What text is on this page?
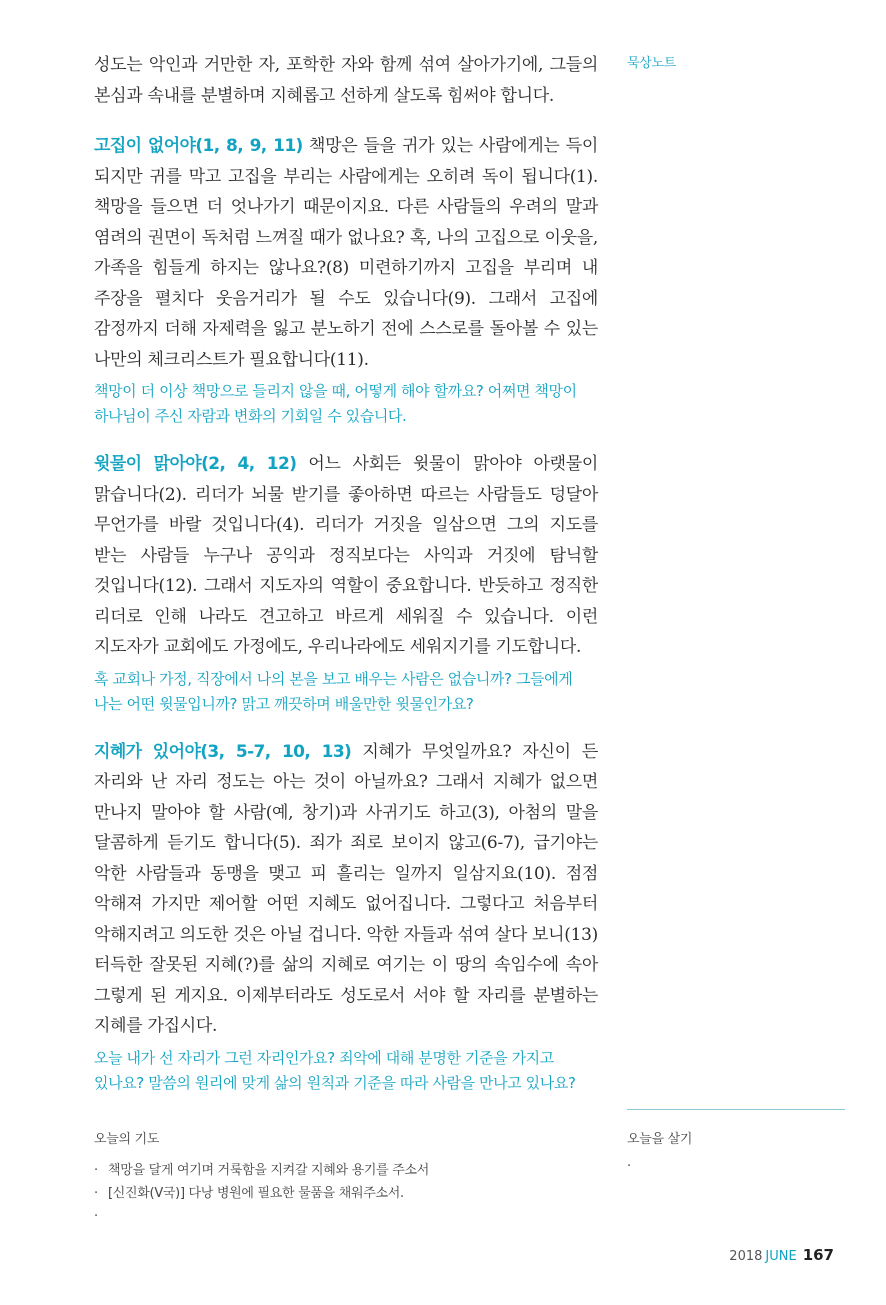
묵상노트

성도는 악인과 거만한 자, 포학한 자와 함께 섞여 살아가기에, 그들의 본심과 속내를 분별하며 지혜롭고 선하게 살도록 힘써야 합니다.

고집이 없어야(1, 8, 9, 11) 책망은 들을 귀가 있는 사람에게는 득이 되지만 귀를 막고 고집을 부리는 사람에게는 오히려 독이 됩니다(1). 책망을 들으면 더 엇나가기 때문이지요. 다른 사람들의 우려의 말과 염려의 권면이 독처럼 느껴질 때가 없나요? 혹, 나의 고집으로 이웃을, 가족을 힘들게 하지는 않나요?(8) 미련하기까지 고집을 부리며 내 주장을 펼치다 웃음거리가 될 수도 있습니다(9). 그래서 고집에 감정까지 더해 자제력을 잃고 분노하기 전에 스스로를 돌아볼 수 있는 나만의 체크리스트가 필요합니다(11).

책망이 더 이상 책망으로 들리지 않을 때, 어떻게 해야 할까요? 어쩌면 책망이 하나님이 주신 자람과 변화의 기회일 수 있습니다.

윗물이 맑아야(2, 4, 12) 어느 사회든 윗물이 맑아야 아랫물이 맑습니다(2). 리더가 뇌물 받기를 좋아하면 따르는 사람들도 덩달아 무언가를 바랄 것입니다(4). 리더가 거짓을 일삼으면 그의 지도를 받는 사람들 누구나 공익과 정직보다는 사익과 거짓에 탐닉할 것입니다(12). 그래서 지도자의 역할이 중요합니다. 반듯하고 정직한 리더로 인해 나라도 견고하고 바르게 세워질 수 있습니다. 이런 지도자가 교회에도 가정에도, 우리나라에도 세워지기를 기도합니다.

혹 교회나 가정, 직장에서 나의 본을 보고 배우는 사람은 없습니까? 그들에게 나는 어떤 윗물입니까? 맑고 깨끗하며 배울만한 윗물인가요?

지혜가 있어야(3, 5-7, 10, 13) 지혜가 무엇일까요? 자신이 든 자리와 난 자리 정도는 아는 것이 아닐까요? 그래서 지혜가 없으면 만나지 말아야 할 사람(예, 창기)과 사귀기도 하고(3), 아첨의 말을 달콤하게 듣기도 합니다(5). 죄가 죄로 보이지 않고(6-7), 급기야는 악한 사람들과 동맹을 맺고 피 흘리는 일까지 일삼지요(10). 점점 악해져 가지만 제어할 어떤 지혜도 없어집니다. 그렇다고 처음부터 악해지려고 의도한 것은 아닐 겁니다. 악한 자들과 섞여 살다 보니(13) 터득한 잘못된 지혜(?)를 삶의 지혜로 여기는 이 땅의 속임수에 속아 그렇게 된 게지요. 이제부터라도 성도로서 서야 할 자리를 분별하는 지혜를 가집시다.

오늘 내가 선 자리가 그런 자리인가요? 죄악에 대해 분명한 기준을 가지고 있나요? 말씀의 원리에 맞게 삶의 원칙과 기준을 따라 사람을 만나고 있나요?

오늘의 기도
· 책망을 달게 여기며 거룩함을 지켜갈 지혜와 용기를 주소서
· [신진화(V국)] 다낭 병원에 필요한 물품을 채워주소서.
·
오늘을 살기
·
2018 JUNE 167
